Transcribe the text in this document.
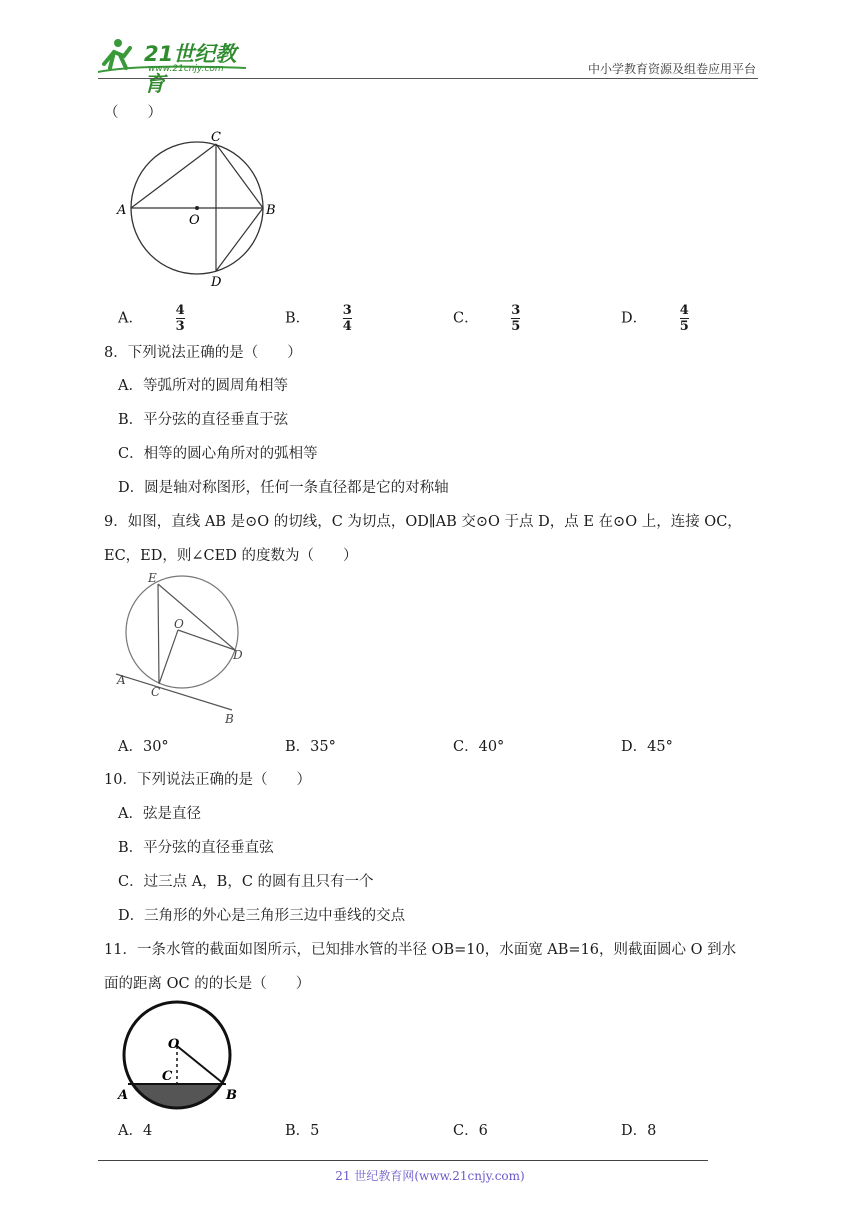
21世纪教育
www.21cnjy.com	中小学教育资源及组卷应用平台
（　　）
A	B
C
D
O
A．	$\frac{4}{3}$	B．	$\frac{3}{4}$	C．	$\frac{3}{5}$	D．	$\frac{4}{5}$
8．下列说法正确的是（　　）
A．等弧所对的圆周角相等
B．平分弦的直径垂直于弦
C．相等的圆心角所对的弧相等
D．圆是轴对称图形，任何一条直径都是它的对称轴
9．如图，直线 AB 是⊙O 的切线，C 为切点，OD∥AB 交⊙O 于点 D，点 E 在⊙O 上，连接 OC，
EC，ED，则∠CED 的度数为（　　）
E
O
D
A
C
B
A．30°	B．35°	C．40°	D．45°
10．下列说法正确的是（　　）
A．弦是直径
B．平分弦的直径垂直弦
C．过三点 A，B，C 的圆有且只有一个
D．三角形的外心是三角形三边中垂线的交点
11．一条水管的截面如图所示，已知排水管的半径 OB=10，水面宽 AB=16，则截面圆心 O 到水
面的距离 OC 的的长是（　　）
O
C
A	B
A．4	B．5	C．6	D．8
21 世纪教育网(www.21cnjy.com)
